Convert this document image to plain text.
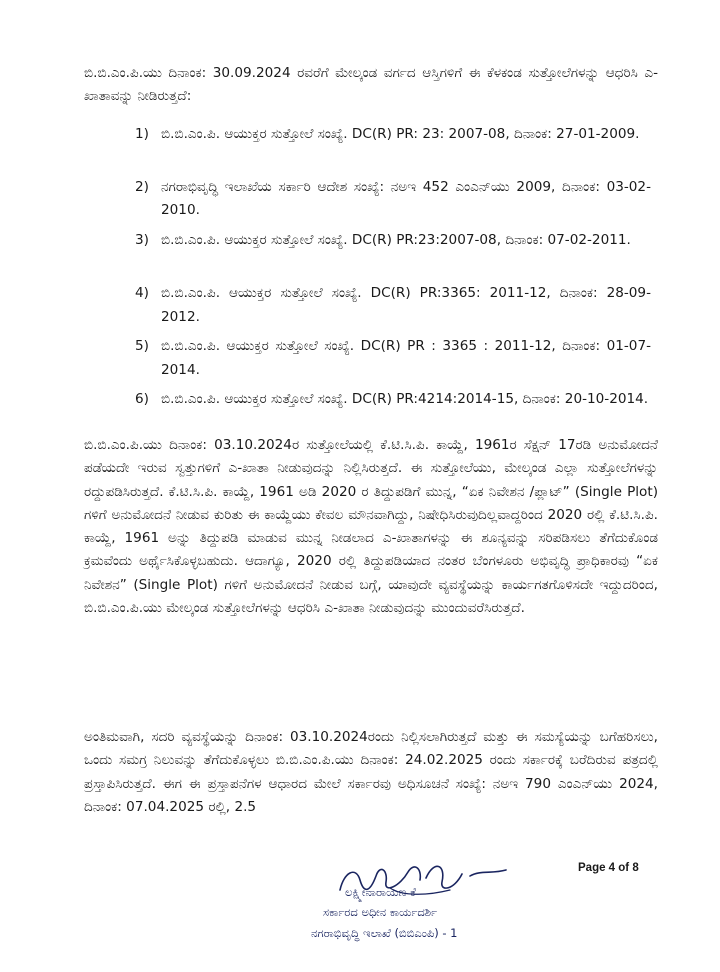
ಬಿ.ಬಿ.ಎಂ.ಪಿ.ಯು ದಿನಾಂಕ: 30.09.2024 ರವರೆಗೆ ಮೇಲ್ಕಂಡ ವರ್ಗದ ಆಸ್ತಿಗಳಿಗೆ ಈ ಕೆಳಕಂಡ ಸುತ್ತೋಲೆಗಳನ್ನು ಆಧರಿಸಿ ಎ-ಖಾತಾವನ್ನು ನೀಡಿರುತ್ತದೆ:

1) ಬಿ.ಬಿ.ಎಂ.ಪಿ. ಆಯುಕ್ತರ ಸುತ್ತೋಲೆ ಸಂಖ್ಯೆ. DC(R) PR: 23: 2007-08, ದಿನಾಂಕ: 27-01-2009.
2) ನಗರಾಭಿವೃದ್ಧಿ ಇಲಾಖೆಯ ಸರ್ಕಾರಿ ಆದೇಶ ಸಂಖ್ಯೆ: ನಅಇ 452 ಎಂಎನ್‌ಯು 2009, ದಿನಾಂಕ: 03-02-2010.
3) ಬಿ.ಬಿ.ಎಂ.ಪಿ. ಆಯುಕ್ತರ ಸುತ್ತೋಲೆ ಸಂಖ್ಯೆ. DC(R) PR:23:2007-08, ದಿನಾಂಕ: 07-02-2011.
4) ಬಿ.ಬಿ.ಎಂ.ಪಿ. ಆಯುಕ್ತರ ಸುತ್ತೋಲೆ ಸಂಖ್ಯೆ. DC(R) PR:3365: 2011-12, ದಿನಾಂಕ: 28-09-2012.
5) ಬಿ.ಬಿ.ಎಂ.ಪಿ. ಆಯುಕ್ತರ ಸುತ್ತೋಲೆ ಸಂಖ್ಯೆ. DC(R) PR : 3365 : 2011-12, ದಿನಾಂಕ: 01-07-2014.
6) ಬಿ.ಬಿ.ಎಂ.ಪಿ. ಆಯುಕ್ತರ ಸುತ್ತೋಲೆ ಸಂಖ್ಯೆ. DC(R) PR:4214:2014-15, ದಿನಾಂಕ: 20-10-2014.

ಬಿ.ಬಿ.ಎಂ.ಪಿ.ಯು ದಿನಾಂಕ: 03.10.2024ರ ಸುತ್ತೋಲೆಯಲ್ಲಿ ಕೆ.ಟಿ.ಸಿ.ಪಿ. ಕಾಯ್ದೆ, 1961ರ ಸೆಕ್ಷನ್ 17ರಡಿ ಅನುಮೋದನೆ ಪಡೆಯದೇ ಇರುವ ಸ್ವತ್ತುಗಳಿಗೆ ಎ-ಖಾತಾ ನೀಡುವುದನ್ನು ನಿಲ್ಲಿಸಿರುತ್ತದೆ. ಈ ಸುತ್ತೋಲೆಯು, ಮೇಲ್ಕಂಡ ಎಲ್ಲಾ ಸುತ್ತೋಲೆಗಳನ್ನು ರದ್ದುಪಡಿಸಿರುತ್ತದೆ. ಕೆ.ಟಿ.ಸಿ.ಪಿ. ಕಾಯ್ದೆ, 1961 ಅಡಿ 2020 ರ ತಿದ್ದುಪಡಿಗೆ ಮುನ್ನ, “ಏಕ ನಿವೇಶನ /ಪ್ಲಾಟ್” (Single Plot) ಗಳಿಗೆ ಅನುಮೋದನೆ ನೀಡುವ ಕುರಿತು ಈ ಕಾಯ್ದೆಯು ಕೇವಲ ಮೌನವಾಗಿದ್ದು, ನಿಷೇಧಿಸಿರುವುದಿಲ್ಲವಾದ್ದರಿಂದ 2020 ರಲ್ಲಿ ಕೆ.ಟಿ.ಸಿ.ಪಿ. ಕಾಯ್ದೆ, 1961 ಅನ್ನು ತಿದ್ದುಪಡಿ ಮಾಡುವ ಮುನ್ನ ನೀಡಲಾದ ಎ-ಖಾತಾಗಳನ್ನು ಈ ಶೂನ್ಯವನ್ನು ಸರಿಪಡಿಸಲು ತೆಗೆದುಕೊಂಡ ಕ್ರಮವೆಂದು ಅರ್ಥೈಸಿಕೊಳ್ಳಬಹುದು. ಆದಾಗ್ಯೂ, 2020 ರಲ್ಲಿ ತಿದ್ದುಪಡಿಯಾದ ನಂತರ ಬೆಂಗಳೂರು ಅಭಿವೃದ್ಧಿ ಪ್ರಾಧಿಕಾರವು “ಏಕ ನಿವೇಶನ” (Single Plot) ಗಳಿಗೆ ಅನುಮೋದನೆ ನೀಡುವ ಬಗ್ಗೆ, ಯಾವುದೇ ವ್ಯವಸ್ಥೆಯನ್ನು ಕಾರ್ಯಗತಗೊಳಿಸದೇ ಇದ್ದುದರಿಂದ, ಬಿ.ಬಿ.ಎಂ.ಪಿ.ಯು ಮೇಲ್ಕಂಡ ಸುತ್ತೋಲೆಗಳನ್ನು ಆಧರಿಸಿ ಎ-ಖಾತಾ ನೀಡುವುದನ್ನು ಮುಂದುವರೆಸಿರುತ್ತದೆ.

ಅಂತಿಮವಾಗಿ, ಸದರಿ ವ್ಯವಸ್ಥೆಯನ್ನು ದಿನಾಂಕ: 03.10.2024ರಂದು ನಿಲ್ಲಿಸಲಾಗಿರುತ್ತದೆ ಮತ್ತು ಈ ಸಮಸ್ಯೆಯನ್ನು ಬಗೆಹರಿಸಲು, ಒಂದು ಸಮಗ್ರ ನಿಲುವನ್ನು ತೆಗೆದುಕೊಳ್ಳಲು ಬಿ.ಬಿ.ಎಂ.ಪಿ.ಯು ದಿನಾಂಕ: 24.02.2025 ರಂದು ಸರ್ಕಾರಕ್ಕೆ ಬರೆದಿರುವ ಪತ್ರದಲ್ಲಿ ಪ್ರಸ್ತಾಪಿಸಿರುತ್ತದೆ. ಈಗ ಈ ಪ್ರಸ್ತಾಪನೆಗಳ ಆಧಾರದ ಮೇಲೆ ಸರ್ಕಾರವು ಅಧಿಸೂಚನೆ ಸಂಖ್ಯೆ: ನಅಇ 790 ಎಂಎನ್‌ಯು 2024, ದಿನಾಂಕ: 07.04.2025 ರಲ್ಲಿ, 2.5

Page 4 of 8
ಲಕ್ಷ್ಮೀನಾರಾಯಣ ಕೆ
ಸರ್ಕಾರದ ಅಧೀನ ಕಾರ್ಯದರ್ಶಿ
ನಗರಾಭಿವೃದ್ಧಿ ಇಲಾಖೆ (ಬಿಬಿಎಂಪಿ) - 1
